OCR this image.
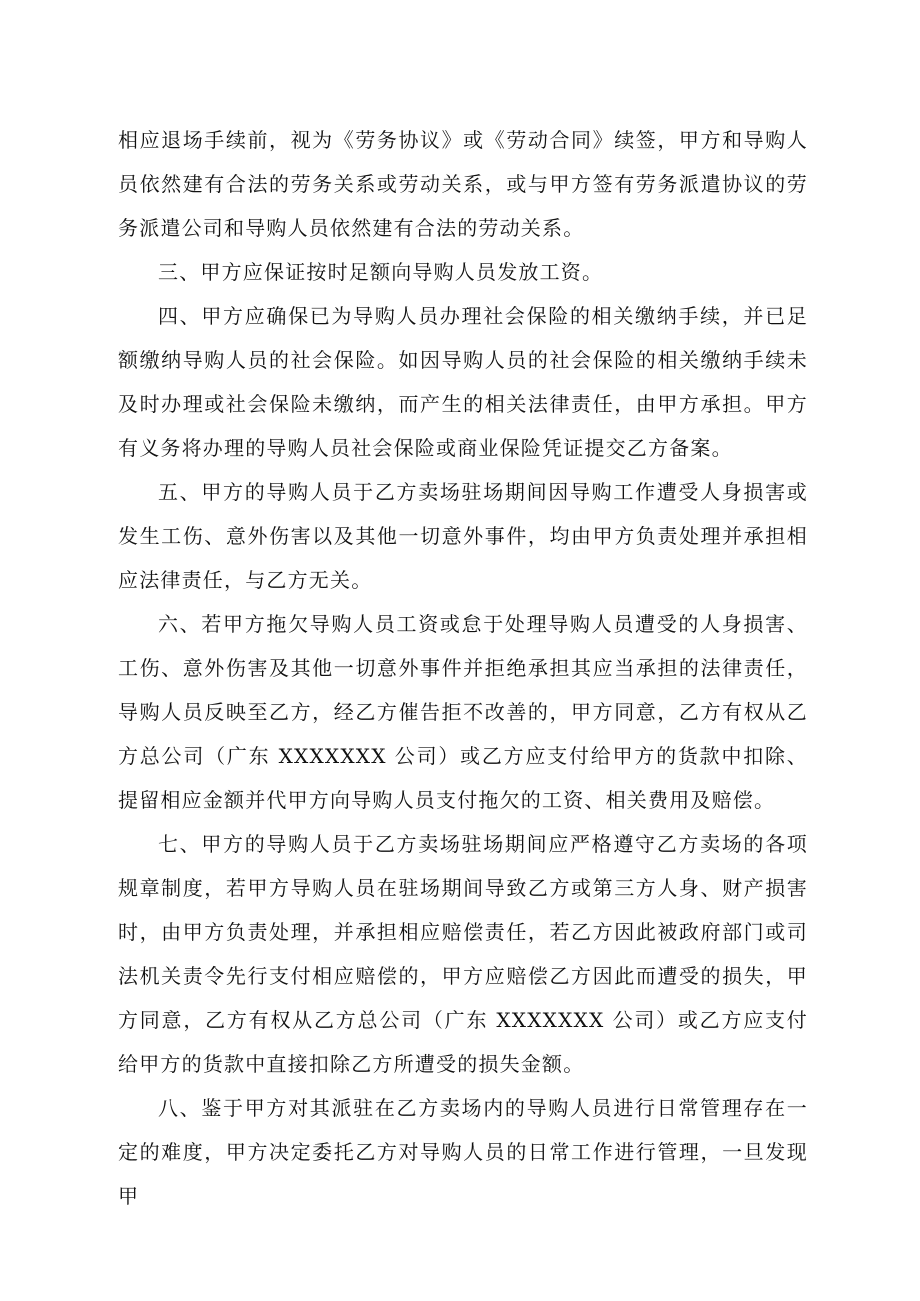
相应退场手续前，视为《劳务协议》或《劳动合同》续签，甲方和导购人员依然建有合法的劳务关系或劳动关系，或与甲方签有劳务派遣协议的劳务派遣公司和导购人员依然建有合法的劳动关系。

三、甲方应保证按时足额向导购人员发放工资。

四、甲方应确保已为导购人员办理社会保险的相关缴纳手续，并已足额缴纳导购人员的社会保险。如因导购人员的社会保险的相关缴纳手续未及时办理或社会保险未缴纳，而产生的相关法律责任，由甲方承担。甲方有义务将办理的导购人员社会保险或商业保险凭证提交乙方备案。

五、甲方的导购人员于乙方卖场驻场期间因导购工作遭受人身损害或发生工伤、意外伤害以及其他一切意外事件，均由甲方负责处理并承担相应法律责任，与乙方无关。

六、若甲方拖欠导购人员工资或怠于处理导购人员遭受的人身损害、工伤、意外伤害及其他一切意外事件并拒绝承担其应当承担的法律责任，导购人员反映至乙方，经乙方催告拒不改善的，甲方同意，乙方有权从乙方总公司（广东 XXXXXXX 公司）或乙方应支付给甲方的货款中扣除、提留相应金额并代甲方向导购人员支付拖欠的工资、相关费用及赔偿。

七、甲方的导购人员于乙方卖场驻场期间应严格遵守乙方卖场的各项规章制度，若甲方导购人员在驻场期间导致乙方或第三方人身、财产损害时，由甲方负责处理，并承担相应赔偿责任，若乙方因此被政府部门或司法机关责令先行支付相应赔偿的，甲方应赔偿乙方因此而遭受的损失，甲方同意，乙方有权从乙方总公司（广东 XXXXXXX 公司）或乙方应支付给甲方的货款中直接扣除乙方所遭受的损失金额。

八、鉴于甲方对其派驻在乙方卖场内的导购人员进行日常管理存在一定的难度，甲方决定委托乙方对导购人员的日常工作进行管理，一旦发现甲
